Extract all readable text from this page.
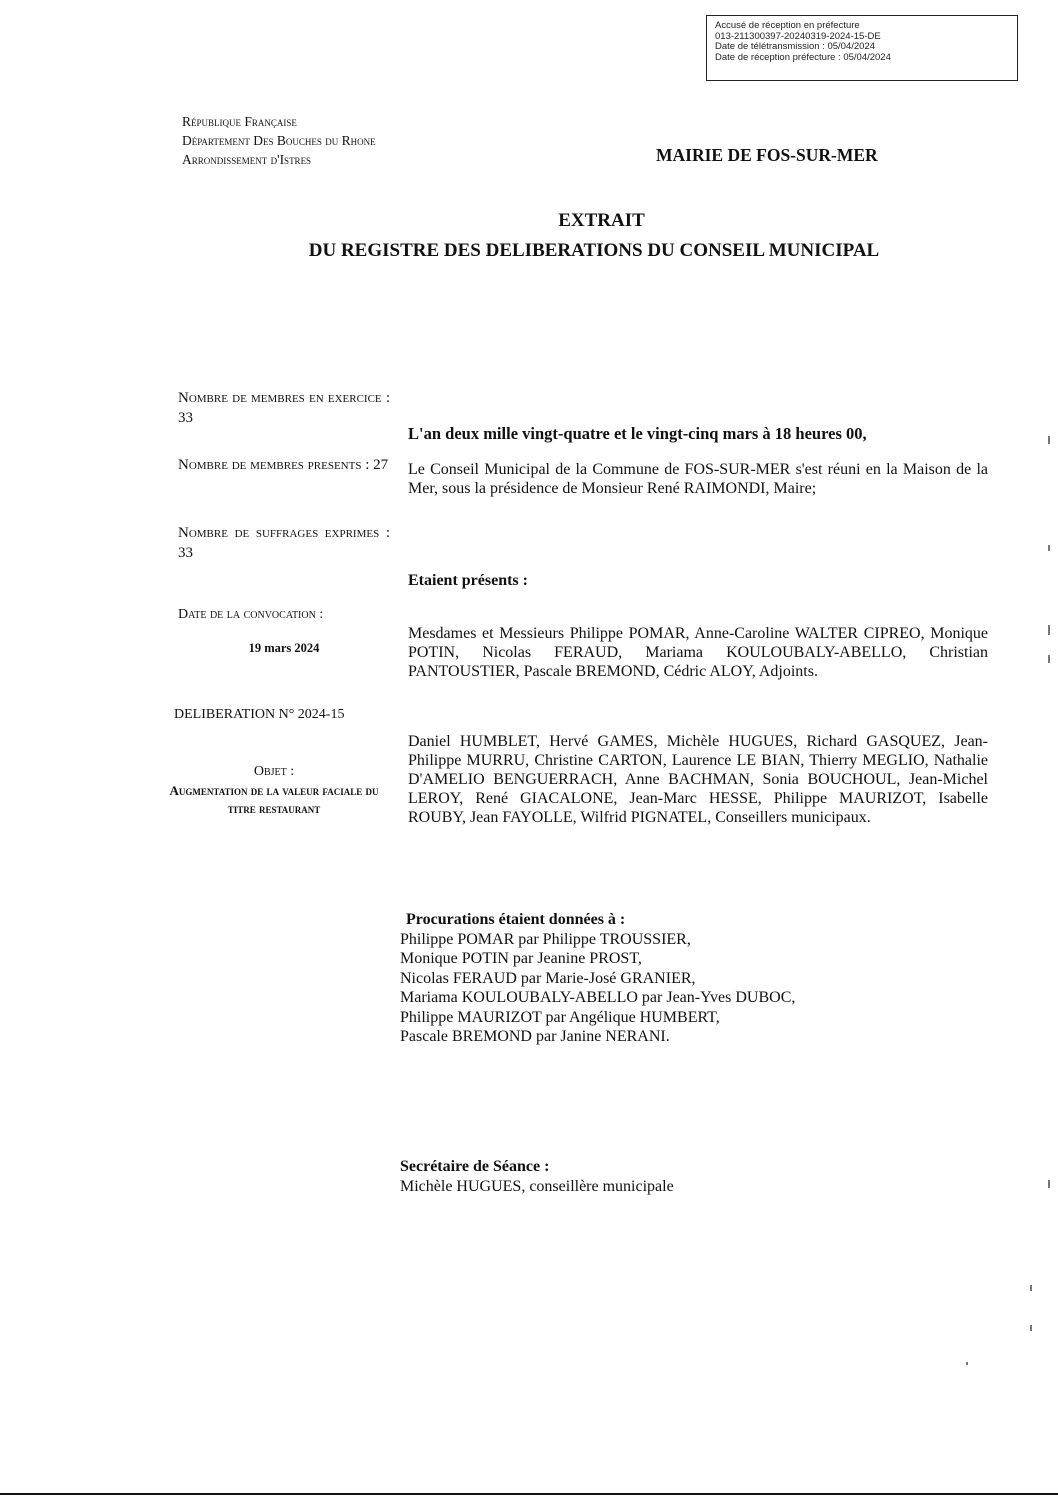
Accusé de réception en préfecture
013-211300397-20240319-2024-15-DE
Date de télétransmission : 05/04/2024
Date de réception préfecture : 05/04/2024
République Française
Département Des Bouches du Rhone
Arrondissement d'Istres	MAIRIE DE FOS-SUR-MER
EXTRAIT
DU REGISTRE DES DELIBERATIONS DU CONSEIL MUNICIPAL
Nombre de membres en exercice : 33
Nombre de membres presents : 27
Nombre de suffrages exprimes : 33
Date de la convocation :
19 mars 2024
DELIBERATION N° 2024-15
Objet :
Augmentation de la valeur faciale du titre restaurant
L'an deux mille vingt-quatre et le vingt-cinq mars à 18 heures 00,
Le Conseil Municipal de la Commune de FOS-SUR-MER s'est réuni en la Maison de la Mer, sous la présidence de Monsieur René RAIMONDI, Maire;
Etaient présents :
Mesdames et Messieurs Philippe POMAR, Anne-Caroline WALTER CIPREO, Monique POTIN, Nicolas FERAUD, Mariama KOULOUBALY-ABELLO, Christian PANTOUSTIER, Pascale BREMOND, Cédric ALOY, Adjoints.
Daniel HUMBLET, Hervé GAMES, Michèle HUGUES, Richard GASQUEZ, Jean-Philippe MURRU, Christine CARTON, Laurence LE BIAN, Thierry MEGLIO, Nathalie D'AMELIO BENGUERRACH, Anne BACHMAN, Sonia BOUCHOUL, Jean-Michel LEROY, René GIACALONE, Jean-Marc HESSE, Philippe MAURIZOT, Isabelle ROUBY, Jean FAYOLLE, Wilfrid PIGNATEL, Conseillers municipaux.
Procurations étaient données à :
Philippe POMAR par Philippe TROUSSIER,
Monique POTIN par Jeanine PROST,
Nicolas FERAUD par Marie-José GRANIER,
Mariama KOULOUBALY-ABELLO par Jean-Yves DUBOC,
Philippe MAURIZOT par Angélique HUMBERT,
Pascale BREMOND par Janine NERANI.
Secrétaire de Séance :
Michèle HUGUES, conseillère municipale
